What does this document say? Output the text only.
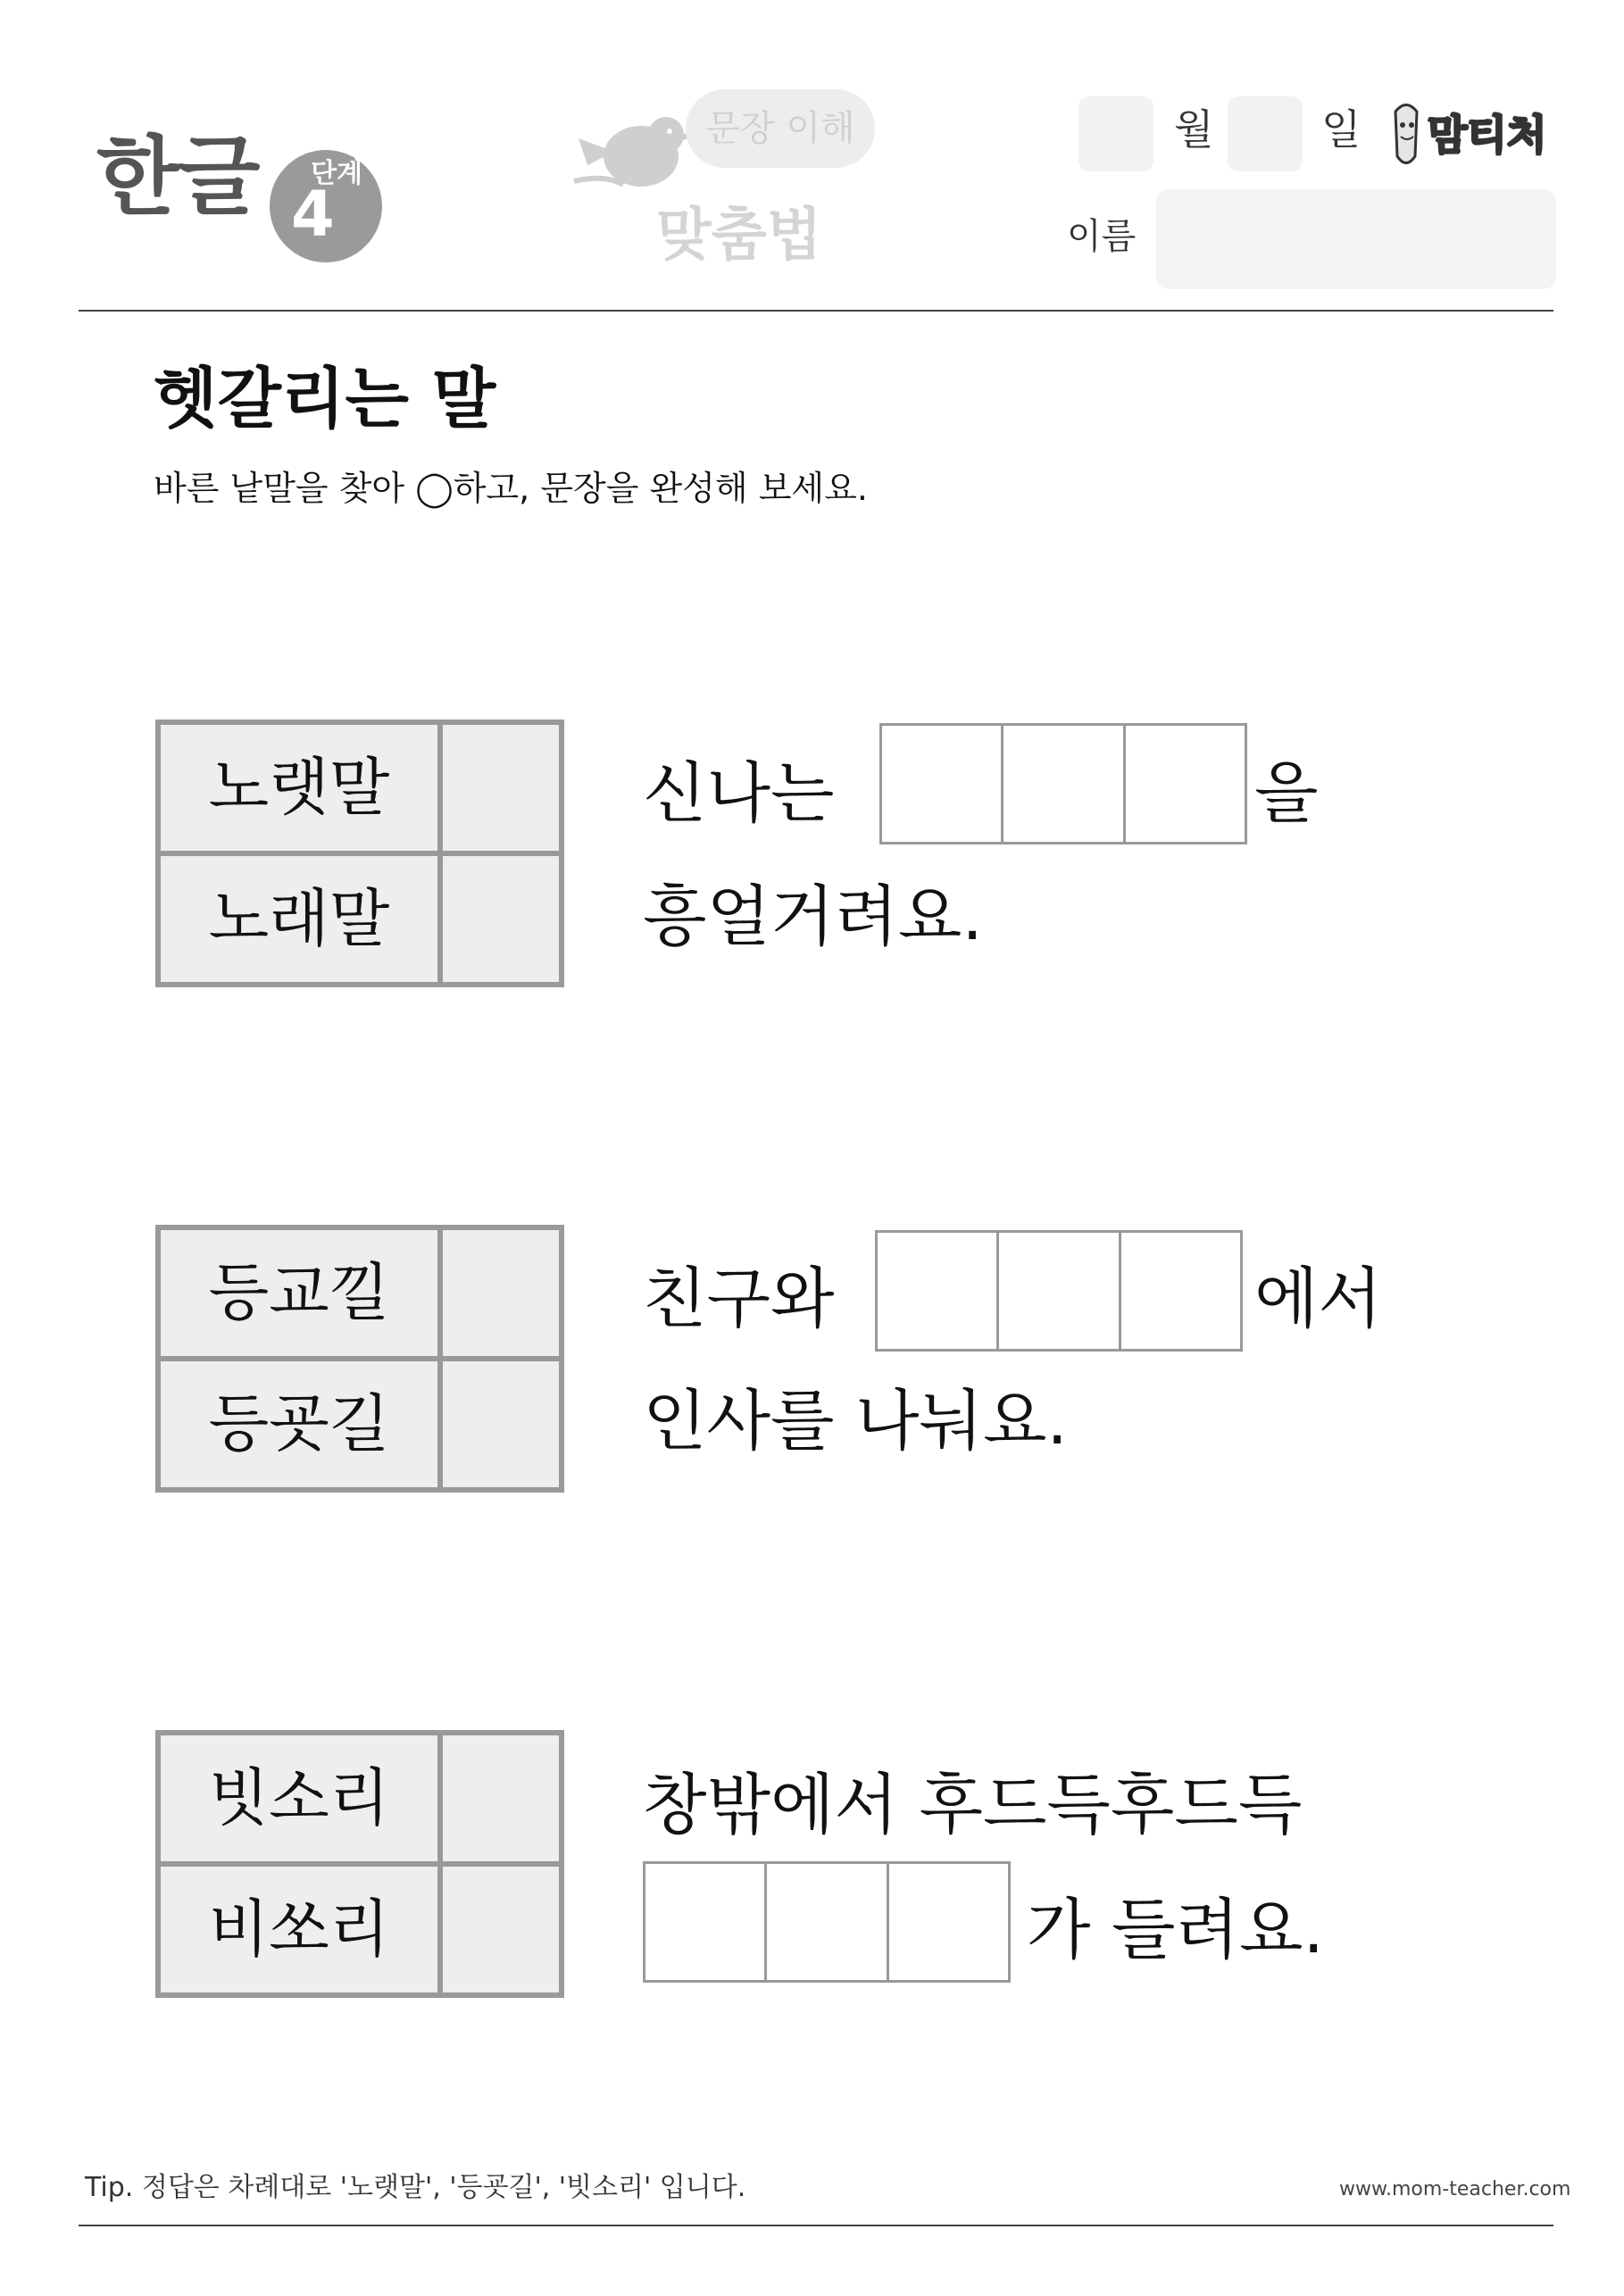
한글 단계
4
문장 이해
맞춤법
월	일 맘티처
이름
헷갈리는 말
바른 낱말을 찾아 ◯하고, 문장을 완성해 보세요.
노랫말
노래말
신나는	을
흥얼거려요.
등교낄
등굣길
친구와	에서
인사를 나눠요.
빗소리
비쏘리
창밖에서 후드득후드득
가 들려요.
Tip. 정답은 차례대로 '노랫말', '등굣길', '빗소리' 입니다.	www.mom-teacher.com
